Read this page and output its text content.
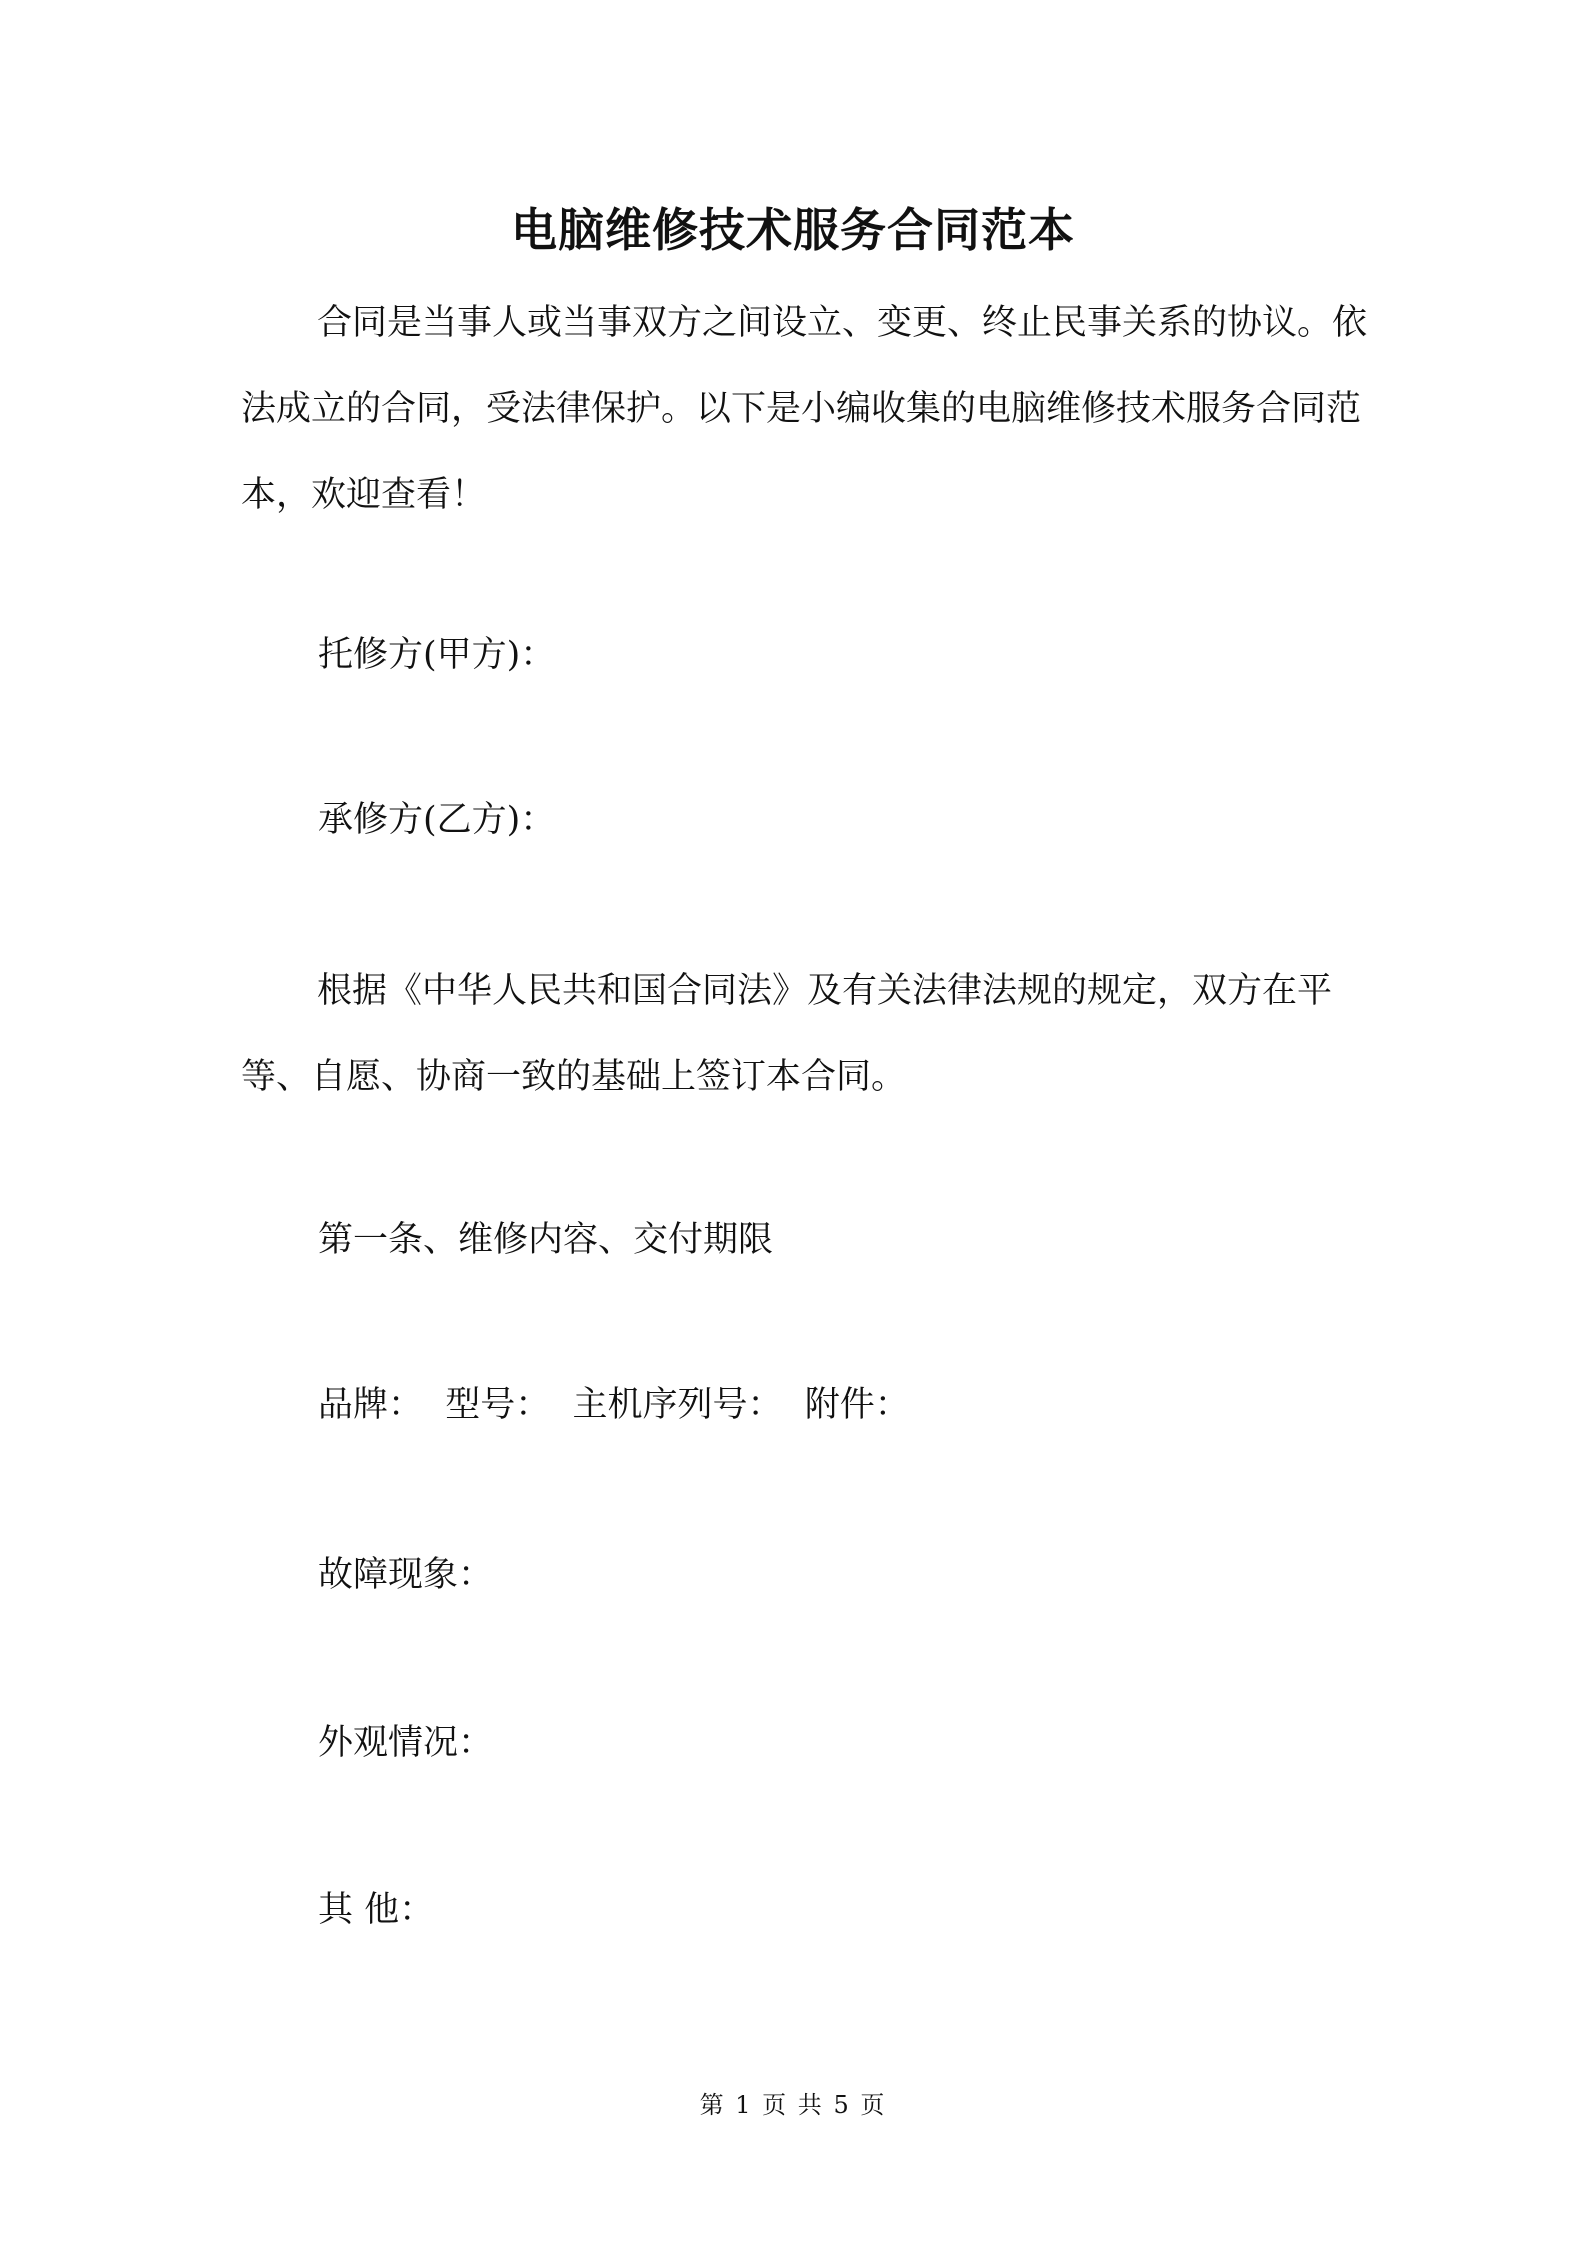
电脑维修技术服务合同范本

合同是当事人或当事双方之间设立、变更、终止民事关系的协议。依法成立的合同，受法律保护。以下是小编收集的电脑维修技术服务合同范本，欢迎查看！

托修方(甲方)：

承修方(乙方)：

根据《中华人民共和国合同法》及有关法律法规的规定，双方在平等、自愿、协商一致的基础上签订本合同。

第一条、维修内容、交付期限

品牌：  型号：  主机序列号：  附件：

故障现象：

外观情况：

其 他：

第 1 页 共 5 页
